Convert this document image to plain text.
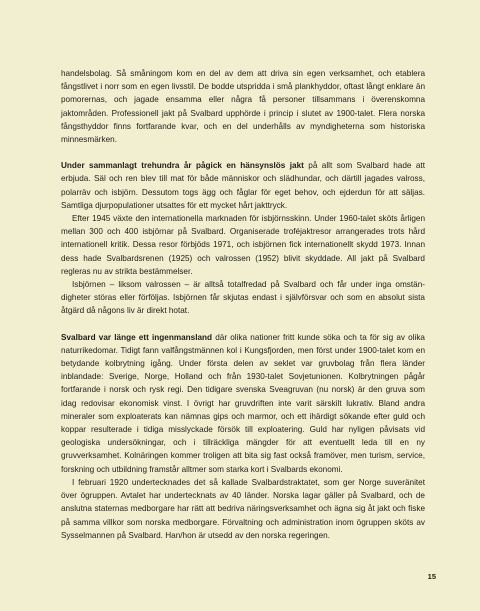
handelsbolag. Så småningom kom en del av dem att driva sin egen verksamhet, och etablera fångstlivet i norr som en egen livsstil. De bodde utspridda i små plankhyddor, oftast långt enklare än pomorernas, och jagade ensamma eller några få personer tillsammans i överenskomna jaktområden. Professionell jakt på Svalbard upphörde i princip i slutet av 1900-talet. Flera norska fångsthyddor finns fortfarande kvar, och en del underhålls av myndigheterna som historiska minnesmärken.

Under sammanlagt trehundra år pågick en hänsynslös jakt på allt som Svalbard hade att erbjuda. Säl och ren blev till mat för både människor och slädhundar, och därtill jagades valross, polarräv och isbjörn. Dessutom togs ägg och fåglar för eget behov, och ejderdun för att säljas. Samtliga djurpopulationer utsattes för ett mycket hårt jakttryck.

Efter 1945 växte den internationella marknaden för isbjörnsskinn. Under 1960-talet sköts årligen mellan 300 och 400 isbjörnar på Svalbard. Organiserade troféjaktresor arrangerades trots hård internationell kritik. Dessa resor förbjöds 1971, och isbjörnen fick internationellt skydd 1973. Innan dess hade Svalbardsrenen (1925) och valrossen (1952) blivit skyddade. All jakt på Svalbard regleras nu av strikta bestämmelser.

Isbjörnen – liksom valrossen – är alltså totalfredad på Svalbard och får under inga omständigheter störas eller förföljas. Isbjörnen får skjutas endast i självförsvar och som en absolut sista åtgärd då någons liv är direkt hotat.

Svalbard var länge ett ingenmansland där olika nationer fritt kunde söka och ta för sig av olika naturrikedomar. Tidigt fann valfångstmännen kol i Kungsfjorden, men först under 1900-talet kom en betydande kolbrytning igång. Under första delen av seklet var gruvbolag från flera länder inblandade: Sverige, Norge, Holland och från 1930-talet Sovjetunionen. Kolbrytningen pågår fortfarande i norsk och rysk regi. Den tidigare svenska Sveagruvan (nu norsk) är den gruva som idag redovisar ekonomisk vinst. I övrigt har gruvdriften inte varit särskilt lukrativ. Bland andra mineraler som exploaterats kan nämnas gips och marmor, och ett ihärdigt sökande efter guld och koppar resulterade i tidiga misslyckade försök till exploatering. Guld har nyligen påvisats vid geologiska undersökningar, och i tillräckliga mängder för att eventuellt leda till en ny gruvverksamhet. Kolnäringen kommer troligen att bita sig fast också framöver, men turism, service, forskning och utbildning framstår alltmer som starka kort i Svalbards ekonomi.

I februari 1920 undertecknades det så kallade Svalbardstraktatet, som ger Norge suveränitet över ögruppen. Avtalet har undertecknats av 40 länder. Norska lagar gäller på Svalbard, och de anslutna staternas medborgare har rätt att bedriva näringsverksamhet och ägna sig åt jakt och fiske på samma villkor som norska medborgare. Förvaltning och administration inom ögruppen sköts av Sysselmannen på Svalbard. Han/hon är utsedd av den norska regeringen.

15
